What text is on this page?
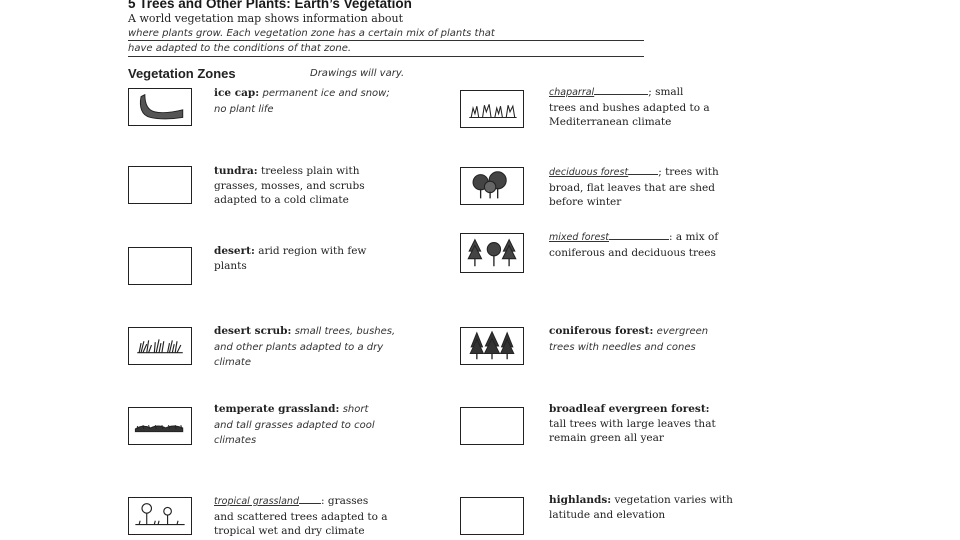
5 Trees and Other Plants: Earth’s Vegetation
A world vegetation map shows information about
where plants grow. Each vegetation zone has a certain mix of plants that
have adapted to the conditions of that zone.
Vegetation Zones	Drawings will vary.
ice cap: permanent ice and snow;
no plant life
tundra: treeless plain with
grasses, mosses, and scrubs
adapted to a cold climate
desert: arid region with few
plants
desert scrub: small trees, bushes,
and other plants adapted to a dry
climate
temperate grassland: short
and tall grasses adapted to cool
climates
tropical grassland : grasses
and scattered trees adapted to a
tropical wet and dry climate
chaparral	; small
trees and bushes adapted to a
Mediterranean climate
deciduous forest	; trees with
broad, flat leaves that are shed
before winter
mixed forest	: a mix of
coniferous and deciduous trees
coniferous forest: evergreen
trees with needles and cones
broadleaf evergreen forest:
tall trees with large leaves that
remain green all year
highlands: vegetation varies with
latitude and elevation
